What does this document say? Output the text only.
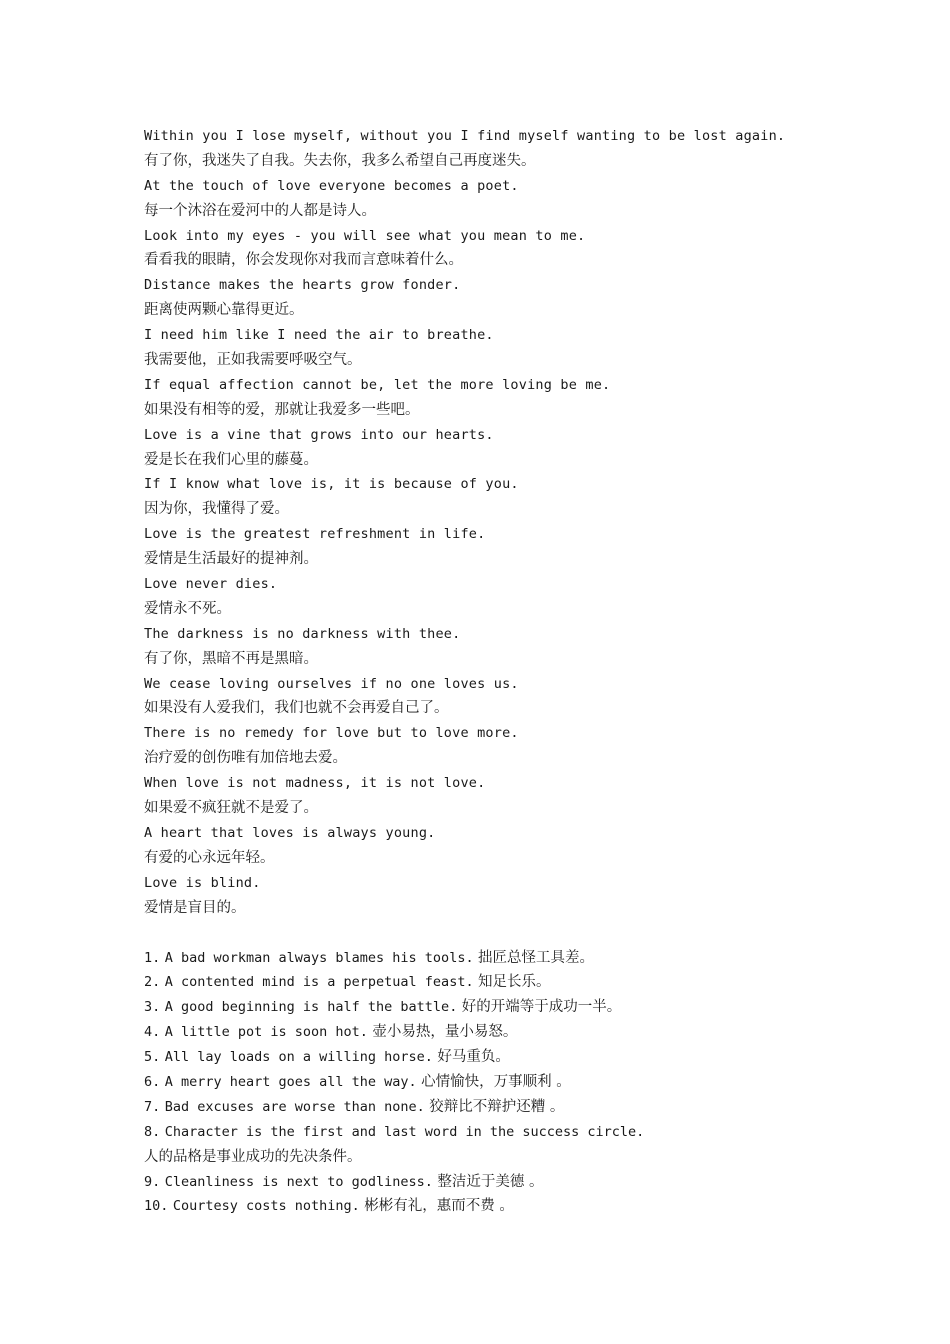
Within you I lose myself, without you I find myself wanting to be lost again.
有了你，我迷失了自我。失去你，我多么希望自己再度迷失。
At the touch of love everyone becomes a poet.
每一个沐浴在爱河中的人都是诗人。
Look into my eyes - you will see what you mean to me.
看看我的眼睛，你会发现你对我而言意味着什么。
Distance makes the hearts grow fonder.
距离使两颗心靠得更近。
I need him like I need the air to breathe.
我需要他，正如我需要呼吸空气。
If equal affection cannot be, let the more loving be me.
如果没有相等的爱，那就让我爱多一些吧。
Love is a vine that grows into our hearts.
爱是长在我们心里的藤蔓。
If I know what love is, it is because of you.
因为你，我懂得了爱。
Love is the greatest refreshment in life.
爱情是生活最好的提神剂。
Love never dies.
爱情永不死。
The darkness is no darkness with thee.
有了你，黑暗不再是黑暗。
We cease loving ourselves if no one loves us.
如果没有人爱我们，我们也就不会再爱自己了。
There is no remedy for love but to love more.
治疗爱的创伤唯有加倍地去爱。
When love is not madness, it is not love.
如果爱不疯狂就不是爱了。
A heart that loves is always young.
有爱的心永远年轻。
Love is blind.
爱情是盲目的。
1. A bad workman always blames his tools. 拙匠总怪工具差。
2. A contented mind is a perpetual feast. 知足长乐。
3. A good beginning is half the battle. 好的开端等于成功一半。
4. A little pot is soon hot. 壶小易热，量小易怒。
5. All lay loads on a willing horse. 好马重负。
6. A merry heart goes all the way. 心情愉快，万事顺利 。
7. Bad excuses are worse than none. 狡辩比不辩护还糟 。
8. Character is the first and last word in the success circle.
人的品格是事业成功的先决条件。
9. Cleanliness is next to godliness. 整洁近于美德 。
10. Courtesy costs nothing. 彬彬有礼，惠而不费 。
